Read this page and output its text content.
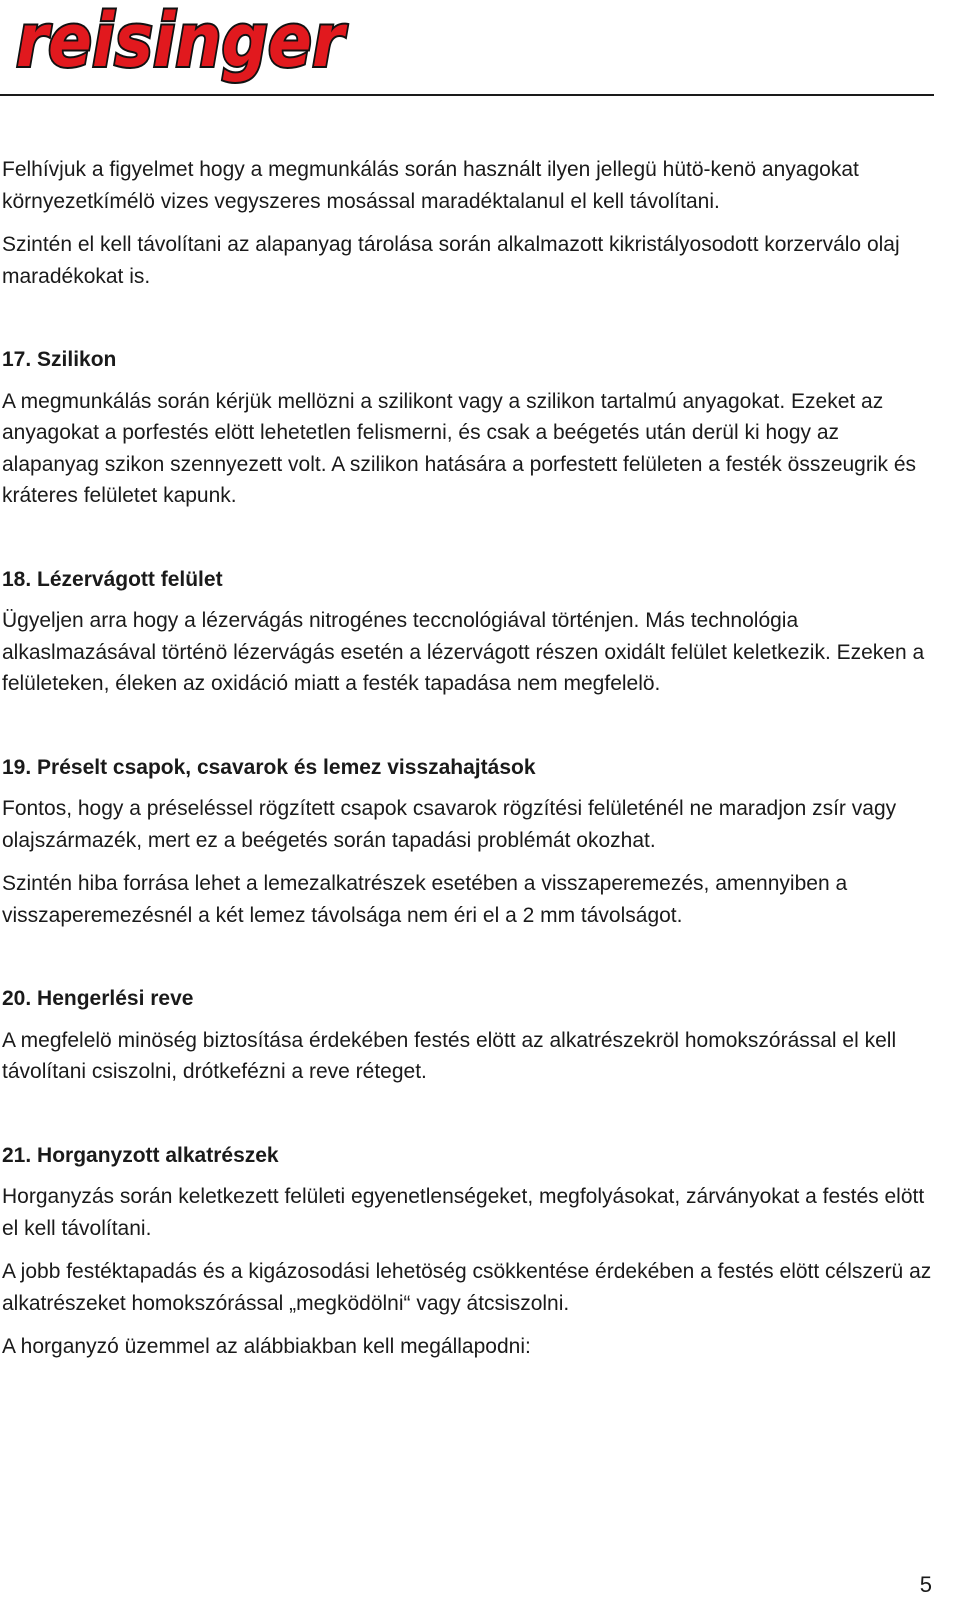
reisinger

Felhívjuk a figyelmet hogy a megmunkálás során használt ilyen jellegü hütö-kenö anyagokat környezetkímélö vizes vegyszeres mosással maradéktalanul el kell távolítani.

Szintén el kell távolítani az alapanyag tárolása során alkalmazott kikristályosodott korzerválo olaj maradékokat is.

17. Szilikon

A megmunkálás során kérjük mellözni a szilikont vagy a szilikon tartalmú anyagokat. Ezeket az anyagokat a porfestés elött lehetetlen felismerni, és csak a beégetés után derül ki hogy az alapanyag szikon szennyezett volt. A szilikon hatására a porfestett felületen a festék összeugrik és kráteres felületet kapunk.

18. Lézervágott felület

Ügyeljen arra hogy a lézervágás nitrogénes teccnológiával történjen. Más technológia alkaslmazásával történö lézervágás esetén a lézervágott részen oxidált felület keletkezik. Ezeken a felületeken, éleken az oxidáció miatt a festék tapadása nem megfelelö.

19. Préselt csapok, csavarok és lemez visszahajtások

Fontos, hogy a préseléssel rögzített csapok csavarok rögzítési felületénél ne maradjon zsír vagy olajszármazék, mert ez a beégetés során tapadási problémát okozhat.

Szintén hiba forrása lehet a lemezalkatrészek esetében a visszaperemezés, amennyiben a visszaperemezésnél a két lemez távolsága nem éri el a 2 mm távolságot.

20. Hengerlési reve

A megfelelö minöség biztosítása érdekében festés elött az alkatrészekröl homokszórással el kell távolítani csiszolni, drótkefézni a reve réteget.

21. Horganyzott alkatrészek

Horganyzás során keletkezett felületi egyenetlenségeket, megfolyásokat, zárványokat a festés elött el kell távolítani.

A jobb festéktapadás és a kigázosodási lehetöség csökkentése érdekében a festés elött célszerü az alkatrészeket homokszórással „megködölni“ vagy átcsiszolni.

A horganyzó üzemmel az alábbiakban kell megállapodni:

5
